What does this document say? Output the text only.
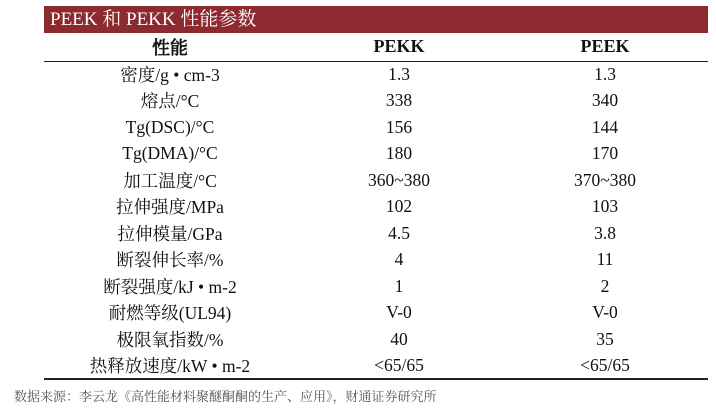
PEEK 和 PEKK 性能参数
性能	PEKK	PEEK
密度/g • cm-3	1.3	1.3
熔点/°C	338	340
Tg(DSC)/°C	156	144
Tg(DMA)/°C	180	170
加工温度/°C	360~380	370~380
拉伸强度/MPa	102	103
拉伸模量/GPa	4.5	3.8
断裂伸长率/%	4	11
断裂强度/kJ • m-2	1	2
耐燃等级(UL94)	V-0	V-0
极限氧指数/%	40	35
热释放速度/kW • m-2	<65/65	<65/65
数据来源：李云龙《高性能材料聚醚酮酮的生产、应用》，财通证券研究所
